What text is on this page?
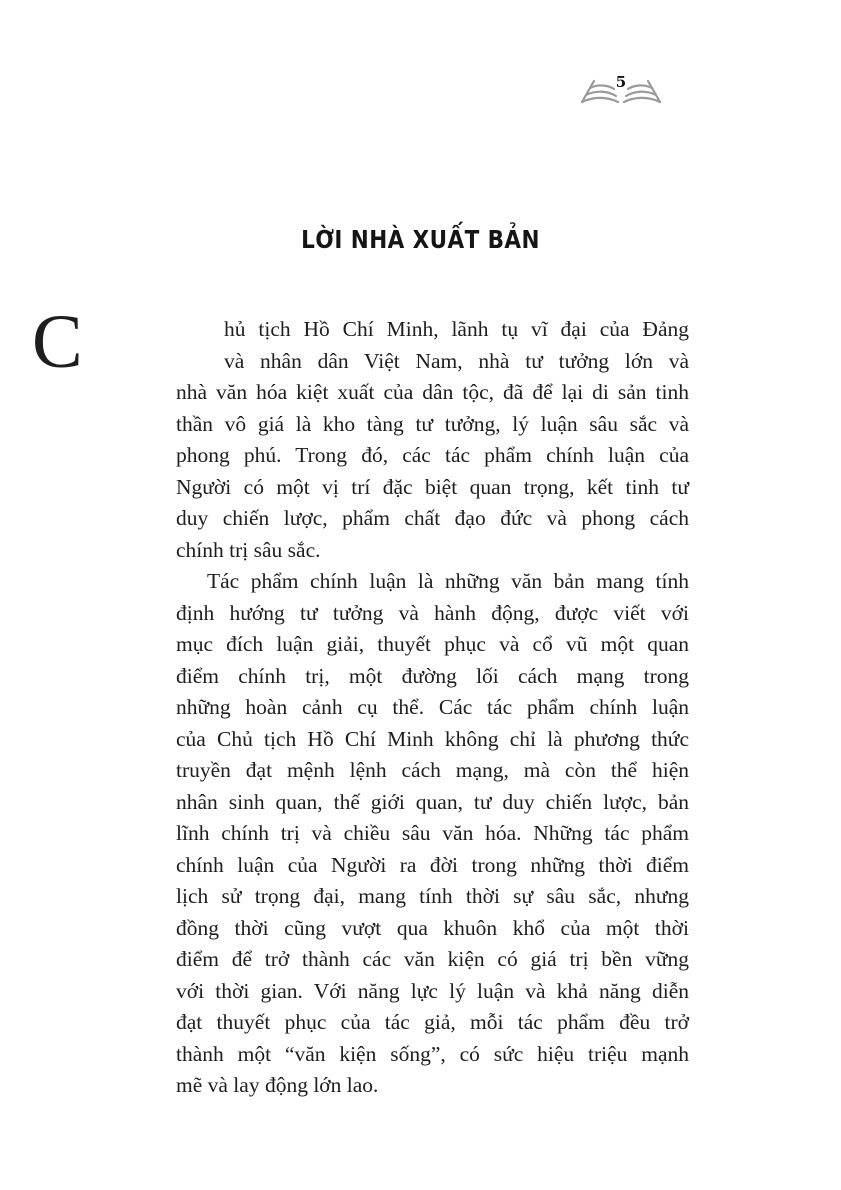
5
LỜI NHÀ XUẤT BẢN
C	hủ tịch Hồ Chí Minh, lãnh tụ vĩ đại của Đảng
và nhân dân Việt Nam, nhà tư tưởng lớn và
nhà văn hóa kiệt xuất của dân tộc, đã để lại di sản tinh
thần vô giá là kho tàng tư tưởng, lý luận sâu sắc và
phong phú. Trong đó, các tác phẩm chính luận của
Người có một vị trí đặc biệt quan trọng, kết tinh tư
duy chiến lược, phẩm chất đạo đức và phong cách
chính trị sâu sắc.

Tác phẩm chính luận là những văn bản mang tính
định hướng tư tưởng và hành động, được viết với
mục đích luận giải, thuyết phục và cổ vũ một quan
điểm chính trị, một đường lối cách mạng trong
những hoàn cảnh cụ thể. Các tác phẩm chính luận
của Chủ tịch Hồ Chí Minh không chỉ là phương thức
truyền đạt mệnh lệnh cách mạng, mà còn thể hiện
nhân sinh quan, thế giới quan, tư duy chiến lược, bản
lĩnh chính trị và chiều sâu văn hóa. Những tác phẩm
chính luận của Người ra đời trong những thời điểm
lịch sử trọng đại, mang tính thời sự sâu sắc, nhưng
đồng thời cũng vượt qua khuôn khổ của một thời
điểm để trở thành các văn kiện có giá trị bền vững
với thời gian. Với năng lực lý luận và khả năng diễn
đạt thuyết phục của tác giả, mỗi tác phẩm đều trở
thành một “văn kiện sống”, có sức hiệu triệu mạnh
mẽ và lay động lớn lao.
